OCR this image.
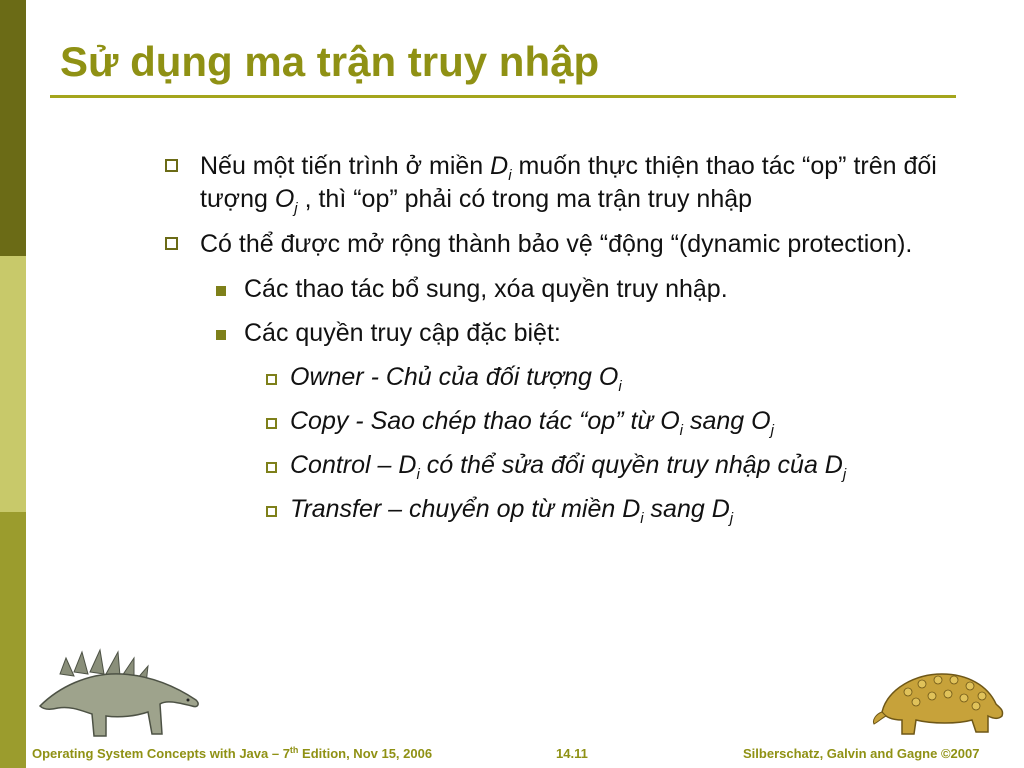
Sử dụng ma trận truy nhập
Nếu một tiến trình ở miền $D_i$ muốn thực thiện thao tác “op” trên đối tượng $O_j$ , thì “op” phải có trong ma trận truy nhập
Có thể được mở rộng thành bảo vệ “động “(dynamic protection).
Các thao tác bổ sung, xóa quyền truy nhập.
Các quyền truy cập đặc biệt:
Owner - Chủ của đối tượng $O_i$
Copy - Sao chép thao tác “op” từ $O_i$ sang $O_j$
Control – $D_i$ có thể sửa đổi quyền truy nhập của $D_j$
Transfer – chuyển op từ miền $D_i$ sang $D_j$
Operating System Concepts with Java – 7th Edition, Nov 15, 2006	14.11	Silberschatz, Galvin and Gagne ©2007
